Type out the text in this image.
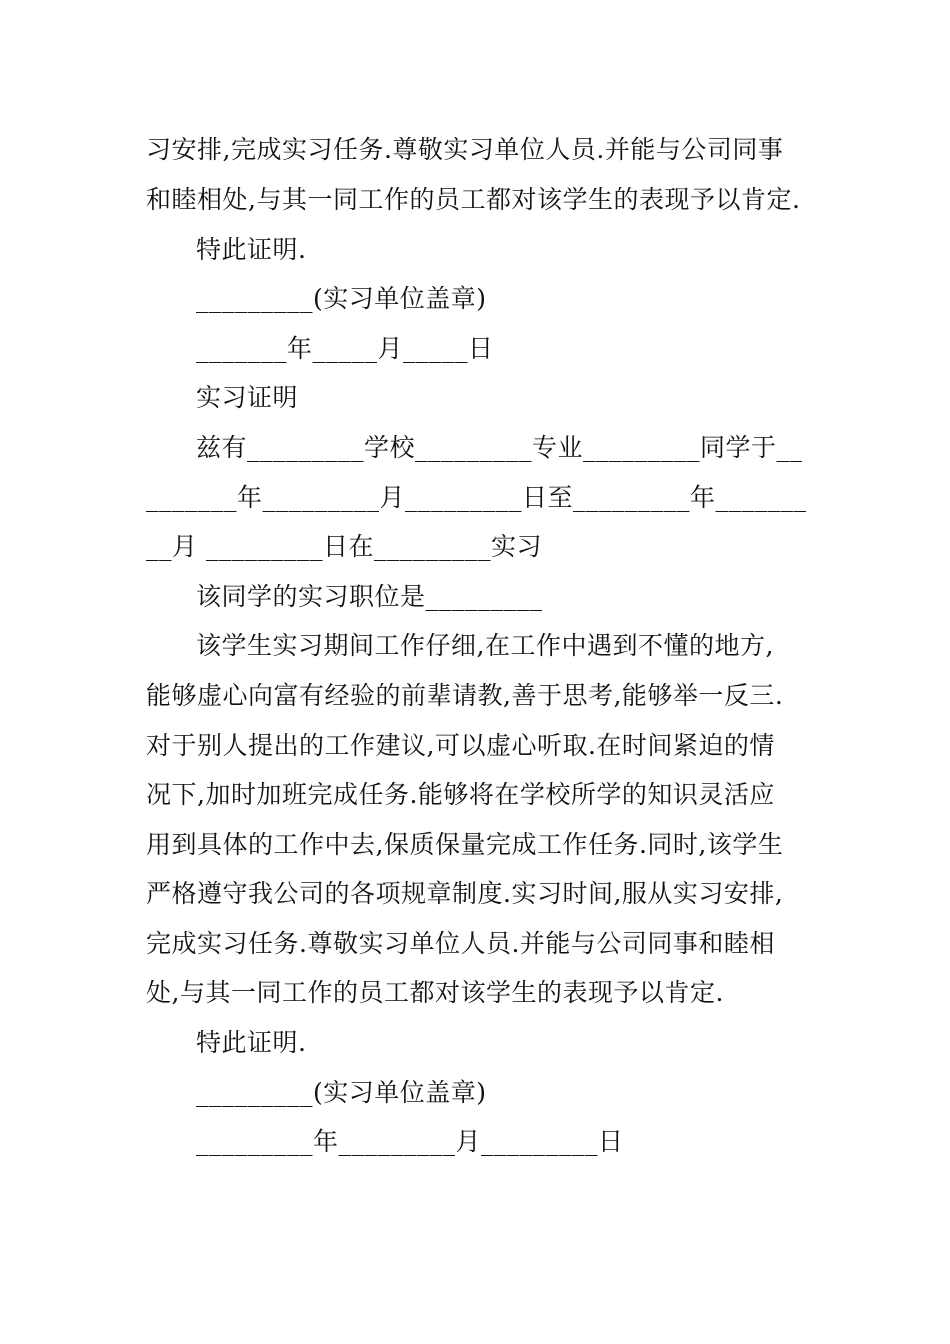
习安排,完成实习任务.尊敬实习单位人员.并能与公司同事
和睦相处,与其一同工作的员工都对该学生的表现予以肯定.
特此证明.
_________(实习单位盖章)
_______年_____月_____日
实习证明
兹有_________学校_________专业_________同学于__
_______年_________月_________日至_________年_______
__月 _________日在_________实习
该同学的实习职位是_________
该学生实习期间工作仔细,在工作中遇到不懂的地方,
能够虚心向富有经验的前辈请教,善于思考,能够举一反三.
对于别人提出的工作建议,可以虚心听取.在时间紧迫的情
况下,加时加班完成任务.能够将在学校所学的知识灵活应
用到具体的工作中去,保质保量完成工作任务.同时,该学生
严格遵守我公司的各项规章制度.实习时间,服从实习安排,
完成实习任务.尊敬实习单位人员.并能与公司同事和睦相
处,与其一同工作的员工都对该学生的表现予以肯定.
特此证明.
_________(实习单位盖章)
_________年_________月_________日
